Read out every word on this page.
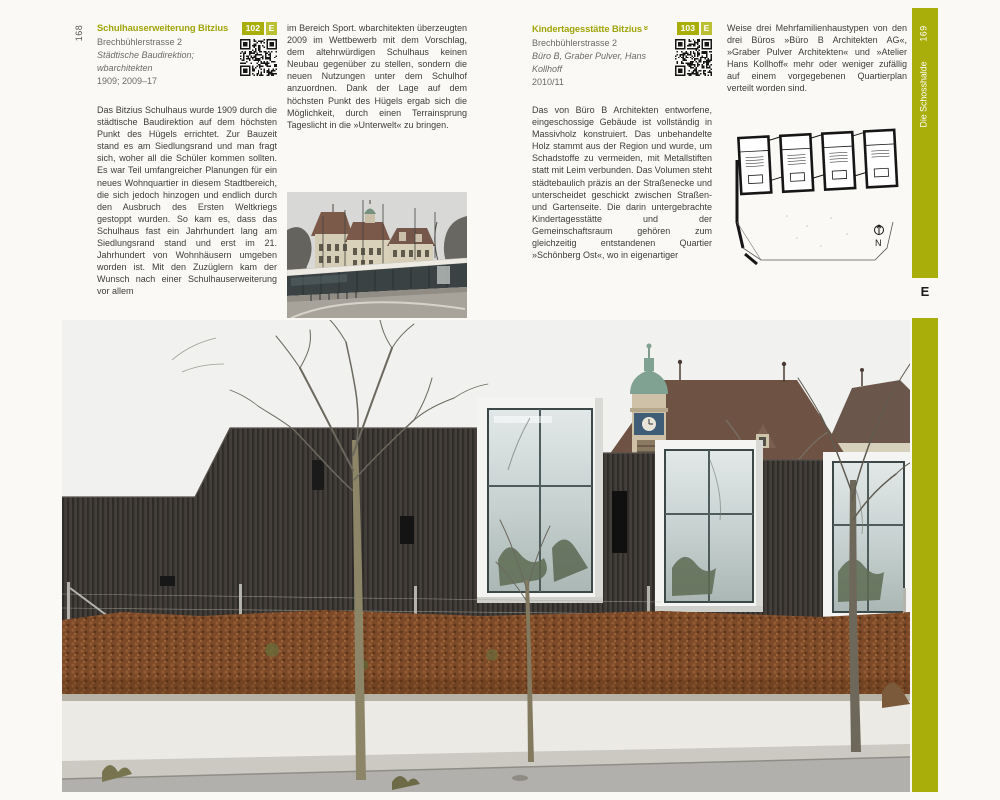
168 Schulhauserweiterung Bitzius	102	E
Brechbühlerstrasse 2
Städtische Baudirektion; wbarchitekten
1909; 2009–17

Das Bitzius Schulhaus wurde 1909 durch die städtische Baudirektion auf dem höchsten Punkt des Hügels errichtet. Zur Bauzeit stand es am Siedlungsrand und man fragt sich, woher all die Schüler kommen sollten. Es war Teil umfangreicher Planungen für ein neues Wohnquartier in diesem Stadtbereich, die sich jedoch hinzogen und endlich durch den Ausbruch des Ersten Weltkriegs gestoppt wurden. So kam es, dass das Schulhaus fast ein Jahrhundert lang am Siedlungsrand stand und erst im 21. Jahrhundert von Wohnhäusern umgeben worden ist. Mit den Zuzüglern kam der Wunsch nach einer Schulhauserweiterung vor allem

im Bereich Sport. wbarchitekten überzeugten 2009 im Wettbewerb mit dem Vorschlag, dem altehrwürdigen Schulhaus keinen Neubau gegenüber zu stellen, sondern die neuen Nutzungen unter dem Schulhof anzuordnen. Dank der Lage auf dem höchsten Punkt des Hügels ergab sich die Möglichkeit, durch einen Terrainsprung Tageslicht in die »Unterwelt« zu bringen.

Kindertagesstätte Bitzius»	103	E
Brechbühlerstrasse 2
Büro B, Graber Pulver, Hans Kollhoff
2010/11

Das von Büro B Architekten entworfene, eingeschossige Gebäude ist vollständig in Massivholz konstruiert. Das unbehandelte Holz stammt aus der Region und wurde, um Schadstoffe zu vermeiden, mit Metallstiften statt mit Leim verbunden. Das Volumen steht städtebaulich präzis an der Straßenecke und unterscheidet geschickt zwischen Straßen- und Gartenseite. Die darin untergebrachte Kindertagesstätte und der Gemeinschaftsraum gehören zum gleichzeitig entstandenen Quartier »Schönberg Ost«, wo in eigenartiger

Weise drei Mehrfamilienhaustypen von den drei Büros »Büro B Architekten AG«, »Graber Pulver Architekten« und »Atelier Hans Kollhoff« mehr oder weniger zufällig auf einem vorgegebenen Quartierplan verteilt worden sind.

N
169
Die Schosshalde
E
